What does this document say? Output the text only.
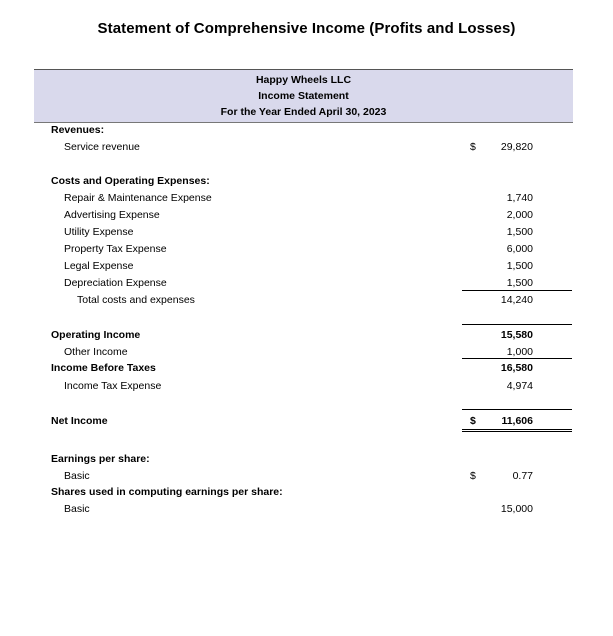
Statement of Comprehensive Income (Profits and Losses)
Happy Wheels LLC
Income Statement
For the Year Ended April 30, 2023
Revenues:
Service revenue	$	29,820
Costs and Operating Expenses:
Repair & Maintenance Expense	1,740
Advertising Expense	2,000
Utility Expense	1,500
Property Tax Expense	6,000
Legal Expense	1,500
Depreciation Expense	1,500
Total costs and expenses	14,240
Operating Income	15,580
Other Income	1,000
Income Before Taxes	16,580
Income Tax Expense	4,974
Net Income	$	11,606
Earnings per share:
Basic	$	0.77
Shares used in computing earnings per share:
Basic	15,000
